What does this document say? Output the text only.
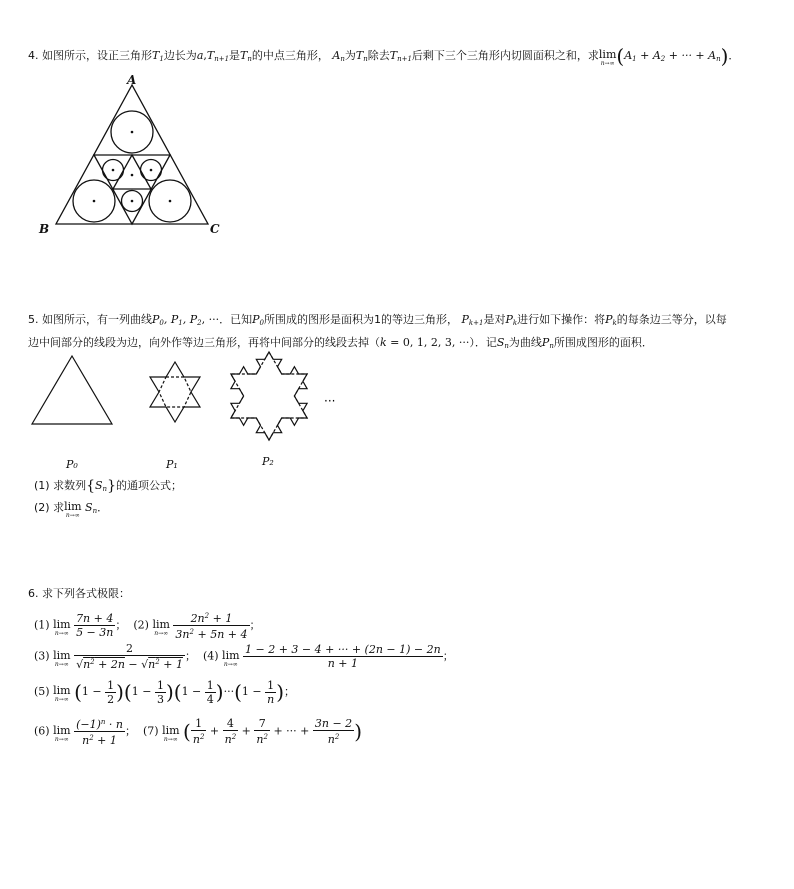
4. 如图所示，设正三角形$T_1$边长为$a,T_{n+1}$是$T_n$的中点三角形， $A_n$为$T_n$除去$T_{n+1}$后剩下三个三角形内切圆面积之和，求 lim
n→∞ ($A_1 + A_2$ + ··· + $A_n$)．
A
B	C
5. 如图所示，有一列曲线$P_0$, $P_1$, $P_2$, ···．已知$P_0$所围成的图形是面积为1的等边三角形， $P_{k+1}$是对$P_k$进行如下操作：将$P_k$的每条边三等分，以每
边中间部分的线段为边，向外作等边三角形，再将中间部分的线段去掉（k = 0, 1, 2, 3, ···）．记$S_n$为曲线$P_n$所围成图形的面积．
···
P₀	P₁	P₂
(1) 求数列$\{S_n\}$的通项公式；
(2) 求 lim
n→∞
$S_n$．
6. 求下列各式极限：
(1) lim
n→∞
$\frac{7n + 4}{5 - 3n}$ ；  (2) lim
n→∞
$\frac{2n^2 + 1}{3n^2 + 5n + 4}$ ；
(3) lim
n→∞
$\frac{2}{√n^2 + 2n - √n^2 + 1}$ ；  (4) lim
n→∞
$\frac{1 - 2 + 3 - 4 + \cdot\cdot\cdot + (2n - 1) - 2n}{n + 1}$ ；
(5) lim
n→∞ $(1 - \frac{1}{2} )(1 - \frac{1}{3} )(1 - \frac{1}{4} )\cdot\cdot\cdot(1 - \frac{1}{n}$ )；
(6) lim
n→∞
$\frac{(-1)^n \cdot n}{n^2 + 1}$ ；  (7) lim
n→∞ ( $\frac{1}{n^2} + \frac{4}{n^2} + \frac{7}{n^2}$ + ··· + $\frac{3n - 2}{n^2}$ )
